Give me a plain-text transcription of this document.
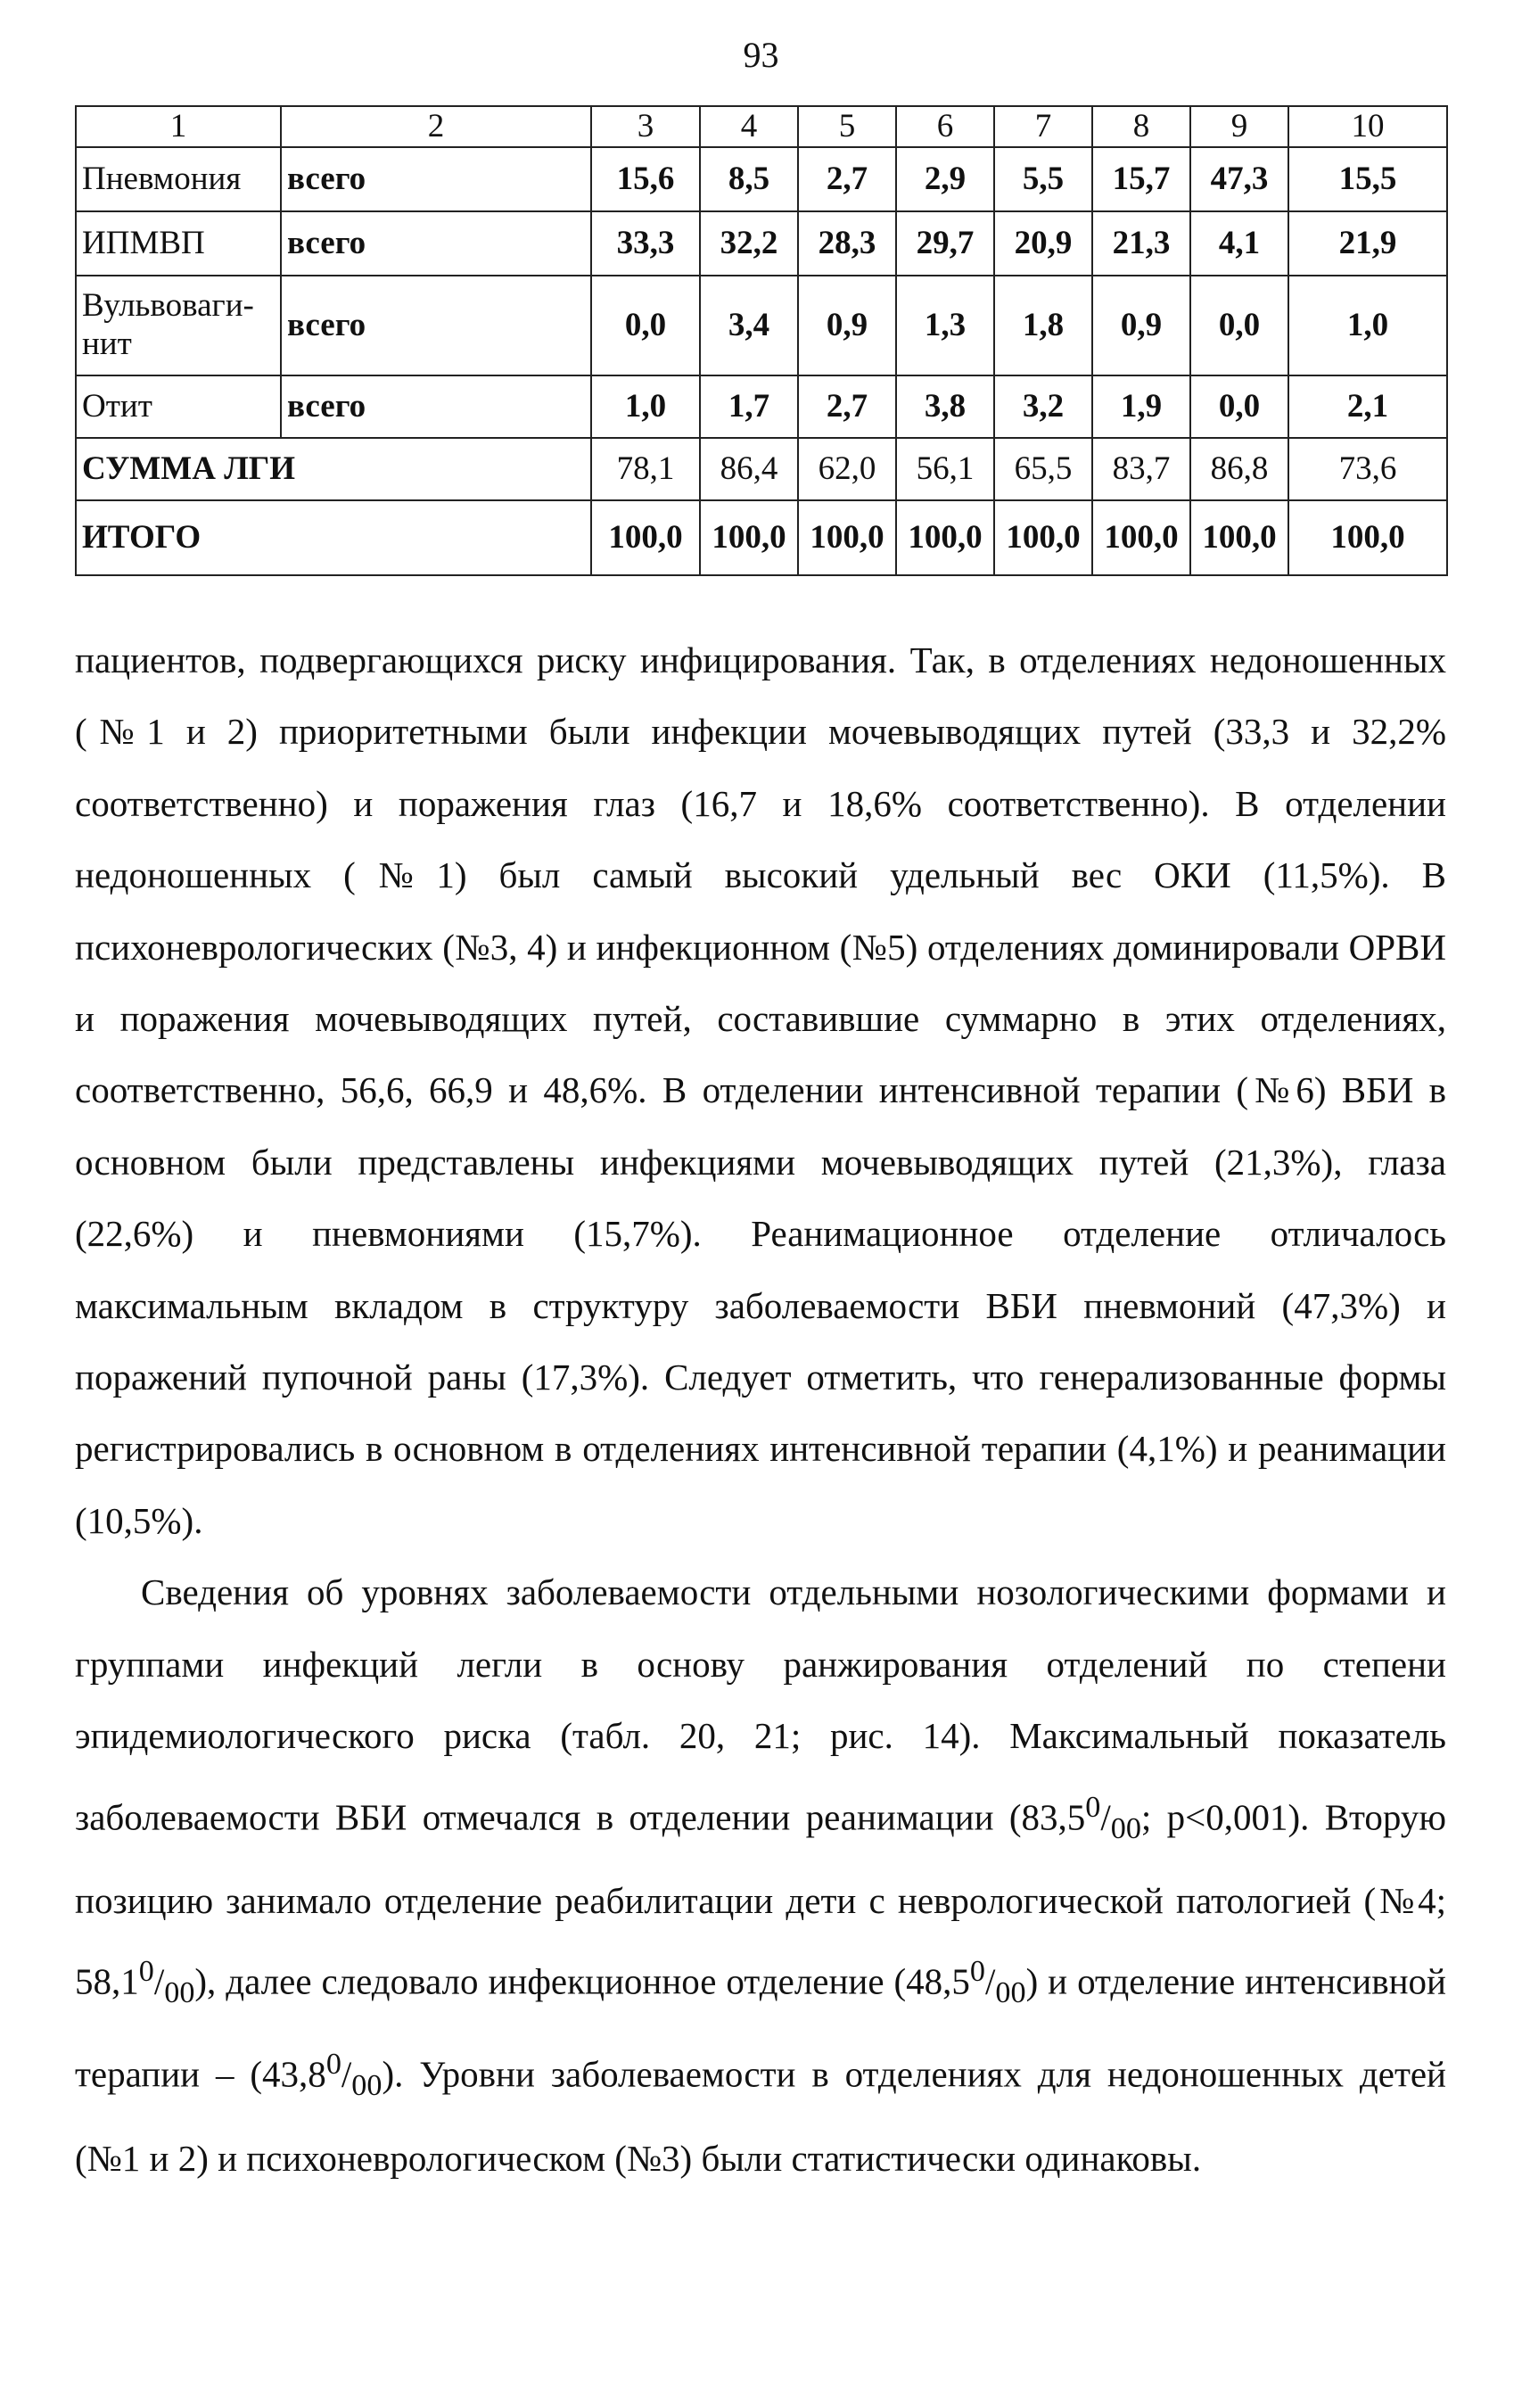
93
1	2	3	4	5	6	7	8	9	10
Пневмония	всего	15,6	8,5	2,7	2,9	5,5	15,7	47,3	15,5
ИПМВП	всего	33,3	32,2	28,3	29,7	20,9	21,3	4,1	21,9
Вульвоваги-нит	всего	0,0	3,4	0,9	1,3	1,8	0,9	0,0	1,0
Отит	всего	1,0	1,7	2,7	3,8	3,2	1,9	0,0	2,1
СУММА ЛГИ		78,1	86,4	62,0	56,1	65,5	83,7	86,8	73,6
ИТОГО		100,0	100,0	100,0	100,0	100,0	100,0	100,0	100,0

пациентов, подвергающихся риску инфицирования. Так, в отделениях недоношенных (№1 и 2) приоритетными были инфекции мочевыводящих путей (33,3 и 32,2% соответственно) и поражения глаз (16,7 и 18,6% соответственно). В отделении недоношенных (№1) был самый высокий удельный вес ОКИ (11,5%). В психоневрологических (№3, 4) и инфекционном (№5) отделениях доминировали ОРВИ и поражения мочевыводящих путей, составившие суммарно в этих отделениях, соответственно, 56,6, 66,9 и 48,6%. В отделении интенсивной терапии (№6) ВБИ в основном были представлены инфекциями мочевыводящих путей (21,3%), глаза (22,6%) и пневмониями (15,7%). Реанимационное отделение отличалось максимальным вкладом в структуру заболеваемости ВБИ пневмоний (47,3%) и поражений пупочной раны (17,3%). Следует отметить, что генерализованные формы регистрировались в основном в отделениях интенсивной терапии (4,1%) и реанимации (10,5%).

Сведения об уровнях заболеваемости отдельными нозологическими формами и группами инфекций легли в основу ранжирования отделений по степени эпидемиологического риска (табл. 20, 21; рис. 14). Максимальный показатель заболеваемости ВБИ отмечался в отделении реанимации ($83,5^0/_{00}$; p<0,001). Вторую позицию занимало отделение реабилитации дети с неврологической патологией (№4; $58,1^0/_{00}$), далее следовало инфекционное отделение $(48,5^0/_{00})$ и отделение интенсивной терапии – $(43,8^0/_{00})$. Уровни заболеваемости в отделениях для недоношенных детей (№1 и 2) и психоневрологическом (№3) были статистически одинаковы.
